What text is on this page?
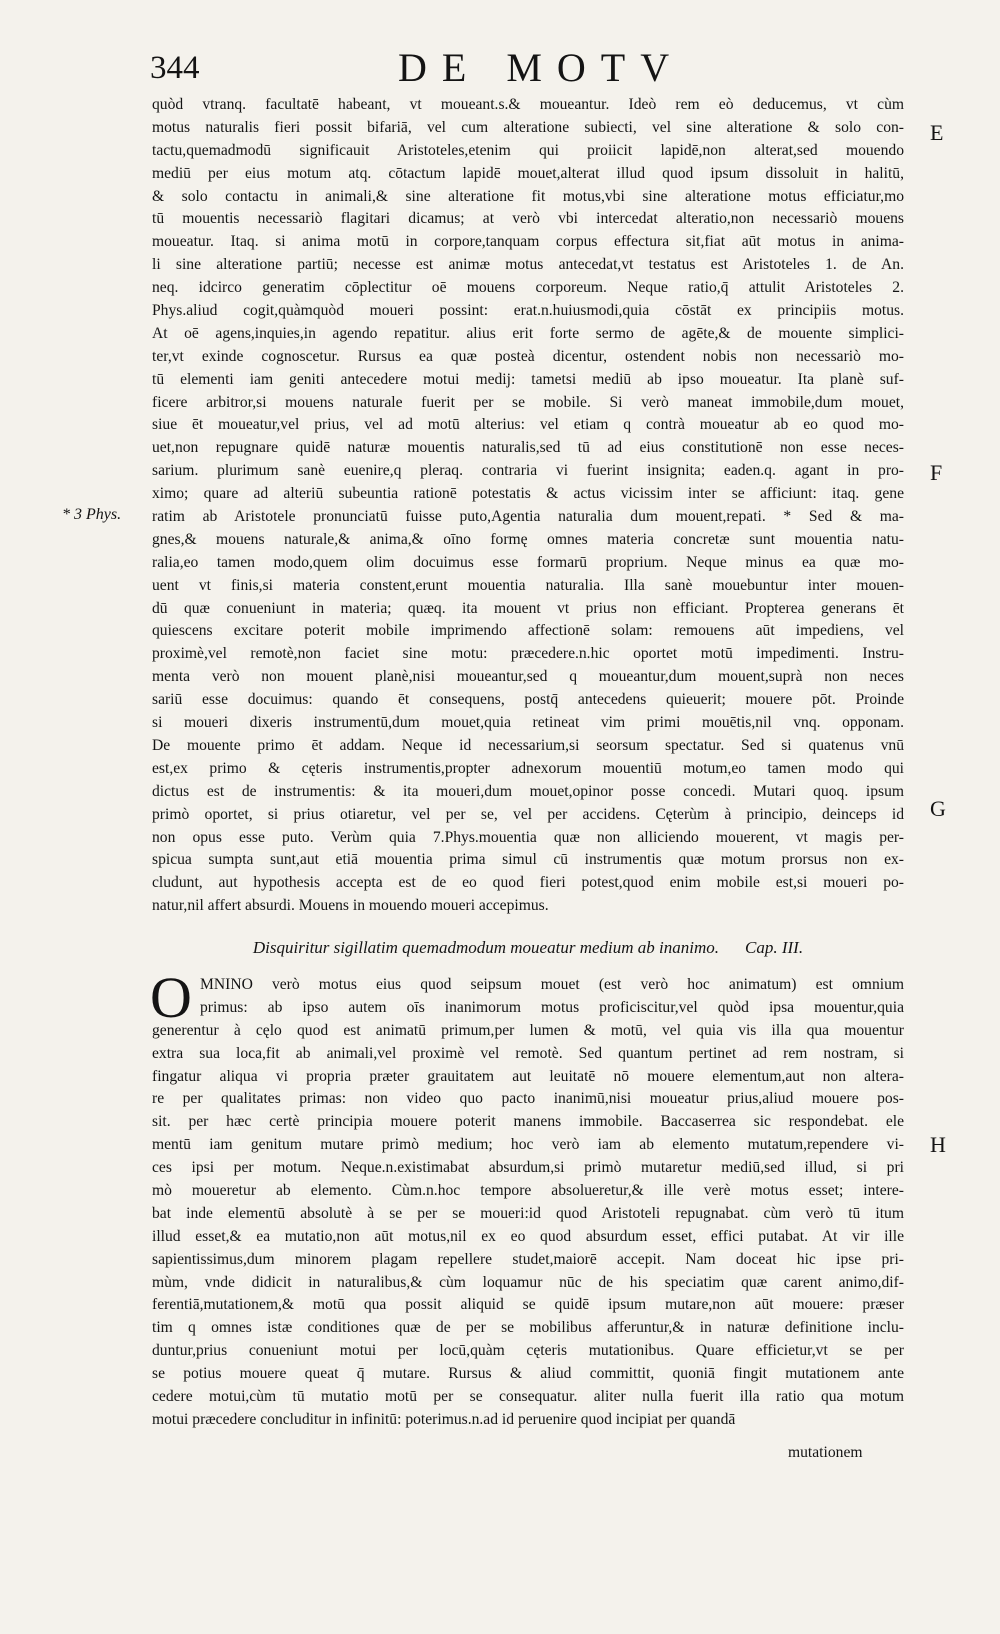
344	DE MOTV
quòd vtranq. facultatē habeant, vt moueant.s.& moueantur. Ideò rem eò deducemus, vt cùm
motus naturalis fieri possit bifariā, vel cum alteratione subiecti, vel sine alteratione & solo con-
tactu,quemadmodū significauit Aristoteles,etenim qui proiicit lapidē,non alterat,sed mouendo
mediū per eius motum atq. cōtactum lapidē mouet,alterat illud quod ipsum dissoluit in halitū,
& solo contactu in animali,& sine alteratione fit motus,vbi sine alteratione motus efficiatur,mo
tū mouentis necessariò flagitari dicamus; at verò vbi intercedat alteratio,non necessariò mouens
moueatur. Itaq. si anima motū in corpore,tanquam corpus effectura sit,fiat aūt motus in anima-
li sine alteratione partiū; necesse est animæ motus antecedat,vt testatus est Aristoteles 1. de An.
neq. idcirco generatim cōplectitur oē mouens corporeum. Neque ratio,q̄ attulit Aristoteles 2.
Phys.aliud cogit,quàmquòd moueri possint: erat.n.huiusmodi,quia cōstāt ex principiis motus.
At oē agens,inquies,in agendo repatitur. alius erit forte sermo de agēte,& de mouente simplici-
ter,vt exinde cognoscetur. Rursus ea quæ posteà dicentur, ostendent nobis non necessariò mo-
tū elementi iam geniti antecedere motui medij: tametsi mediū ab ipso moueatur. Ita planè suf-
ficere arbitror,si mouens naturale fuerit per se mobile. Si verò maneat immobile,dum mouet,
siue ēt moueatur,vel prius, vel ad motū alterius: vel etiam q contrà moueatur ab eo quod mo-
uet,non repugnare quidē naturæ mouentis naturalis,sed tū ad eius constitutionē non esse neces-
sarium. plurimum sanè euenire,q pleraq. contraria vi fuerint insignita; eaden.q. agant in pro-
ximo; quare ad alteriū subeuntia rationē potestatis & actus vicissim inter se afficiunt: itaq. gene
ratim ab Aristotele pronunciatū fuisse puto,Agentia naturalia dum mouent,repati. * Sed & ma-
gnes,& mouens naturale,& anima,& oīno formę omnes materia concretæ sunt mouentia natu-
ralia,eo tamen modo,quem olim docuimus esse formarū proprium. Neque minus ea quæ mo-
uent vt finis,si materia constent,erunt mouentia naturalia. Illa sanè mouebuntur inter mouen-
dū quæ conueniunt in materia; quæq. ita mouent vt prius non efficiant. Propterea generans ēt
quiescens excitare poterit mobile imprimendo affectionē solam: remouens aūt impediens, vel
proximè,vel remotè,non faciet sine motu: præcedere.n.hic oportet motū impedimenti. Instru-
menta verò non mouent planè,nisi moueantur,sed q moueantur,dum mouent,suprà non neces
sariū esse docuimus: quando ēt consequens, postq̄ antecedens quieuerit; mouere pōt. Proinde
si moueri dixeris instrumentū,dum mouet,quia retineat vim primi mouētis,nil vnq. opponam.
De mouente primo ēt addam. Neque id necessarium,si seorsum spectatur. Sed si quatenus vnū
est,ex primo & cęteris instrumentis,propter adnexorum mouentiū motum,eo tamen modo qui
dictus est de instrumentis: & ita moueri,dum mouet,opinor posse concedi. Mutari quoq. ipsum
primò oportet, si prius otiaretur, vel per se, vel per accidens. Cęterùm à principio, deinceps id
non opus esse puto. Verùm quia 7.Phys.mouentia quæ non alliciendo mouerent, vt magis per-
spicua sumpta sunt,aut etiā mouentia prima simul cū instrumentis quæ motum prorsus non ex-
cludunt, aut hypothesis accepta est de eo quod fieri potest,quod enim mobile est,si moueri po-
natur,nil affert absurdi. Mouens in mouendo moueri accepimus.
Disquiritur sigillatim quemadmodum moueatur medium ab inanimo. Cap. III.
O MNINO verò motus eius quod seipsum mouet (est verò hoc animatum) est omnium
primus: ab ipso autem oīs inanimorum motus proficiscitur,vel quòd ipsa mouentur,quia
generentur à cęlo quod est animatū primum,per lumen & motū, vel quia vis illa qua mouentur
extra sua loca,fit ab animali,vel proximè vel remotè. Sed quantum pertinet ad rem nostram, si
fingatur aliqua vi propria præter grauitatem aut leuitatē nō mouere elementum,aut non altera-
re per qualitates primas: non video quo pacto inanimū,nisi moueatur prius,aliud mouere pos-
sit. per hæc certè principia mouere poterit manens immobile. Baccaserrea sic respondebat. ele
mentū iam genitum mutare primò medium; hoc verò iam ab elemento mutatum,rependere vi-
ces ipsi per motum. Neque.n.existimabat absurdum,si primò mutaretur mediū,sed illud, si pri
mò moueretur ab elemento. Cùm.n.hoc tempore absolueretur,& ille verè motus esset; intere-
bat inde elementū absolutè à se per se moueri:id quod Aristoteli repugnabat. cùm verò tū itum
illud esset,& ea mutatio,non aūt motus,nil ex eo quod absurdum esset, effici putabat. At vir ille
sapientissimus,dum minorem plagam repellere studet,maiorē accepit. Nam doceat hic ipse pri-
mùm, vnde didicit in naturalibus,& cùm loquamur nūc de his speciatim quæ carent animo,dif-
ferentiā,mutationem,& motū qua possit aliquid se quidē ipsum mutare,non aūt mouere: præser
tim q omnes istæ conditiones quæ de per se mobilibus afferuntur,& in naturæ definitione inclu-
duntur,prius conueniunt motui per locū,quàm cęteris mutationibus. Quare efficietur,vt se per
se potius mouere queat q̄ mutare. Rursus & aliud committit, quoniā fingit mutationem ante
cedere motui,cùm tū mutatio motū per se consequatur. aliter nulla fuerit illa ratio qua motum
motui præcedere concluditur in infinitū: poterimus.n.ad id peruenire quod incipiat per quandā
mutationem
E
F
G
H
* 3 Phys.
